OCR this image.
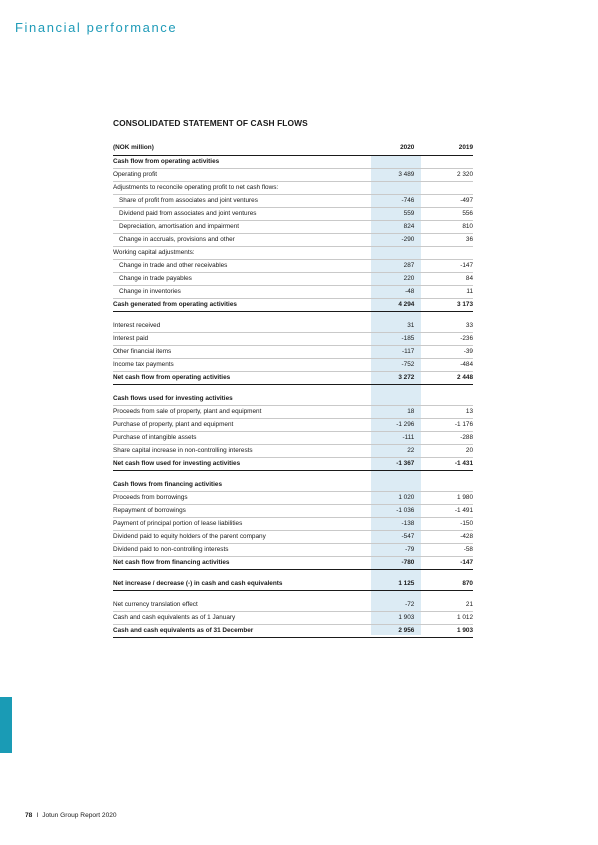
Financial performance
CONSOLIDATED STATEMENT OF CASH FLOWS
(NOK million)	2020	2019
Cash flow from operating activities		
Operating profit	3 489	2 320
Adjustments to reconcile operating profit to net cash flows:		
Share of profit from associates and joint ventures	-746	-497
Dividend paid from associates and joint ventures	559	556
Depreciation, amortisation and impairment	824	810
Change in accruals, provisions and other	-290	36
Working capital adjustments:		
Change in trade and other receivables	287	-147
Change in trade payables	220	84
Change in inventories	-48	11
Cash generated from operating activities	4 294	3 173

Interest received	31	33
Interest paid	-185	-236
Other financial items	-117	-39
Income tax payments	-752	-484
Net cash flow from operating activities	3 272	2 448

Cash flows used for investing activities		
Proceeds from sale of property, plant and equipment	18	13
Purchase of property, plant and equipment	-1 296	-1 176
Purchase of intangible assets	-111	-288
Share capital increase in non-controlling interests	22	20
Net cash flow used for investing activities	-1 367	-1 431

Cash flows from financing activities		
Proceeds from borrowings	1 020	1 980
Repayment of borrowings	-1 036	-1 491
Payment of principal portion of lease liabilities	-138	-150
Dividend paid to equity holders of the parent company	-547	-428
Dividend paid to non-controlling interests	-79	-58
Net cash flow from financing activities	-780	-147

Net increase / decrease (-) in cash and cash equivalents	1 125	870

Net currency translation effect	-72	21
Cash and cash equivalents as of 1 January	1 903	1 012
Cash and cash equivalents as of 31 December	2 956	1 903
78 I Jotun Group Report 2020
